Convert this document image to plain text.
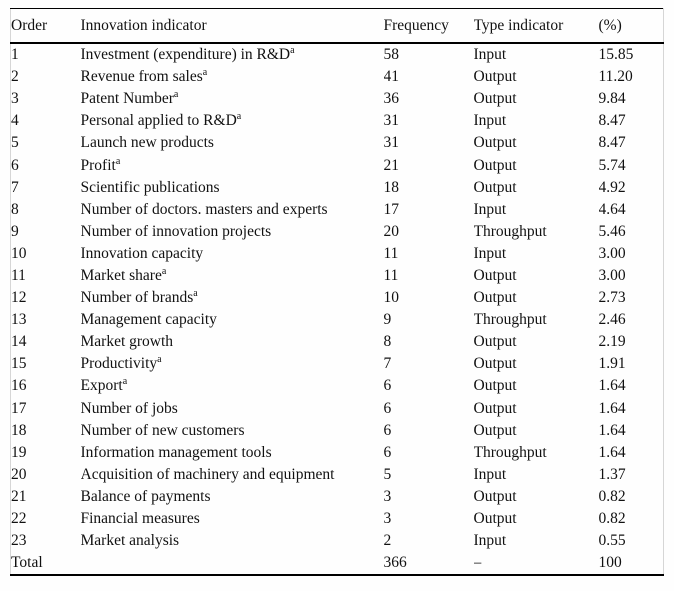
Order	Innovation indicator	Frequency	Type indicator	(%)
1	Investment (expenditure) in R&D$^a$	58	Input	15.85
2	Revenue from sales$^a$	41	Output	11.20
3	Patent Number$^a$	36	Output	9.84
4	Personal applied to R&D$^a$	31	Input	8.47
5	Launch new products	31	Output	8.47
6	Profit$^a$	21	Output	5.74
7	Scientific publications	18	Output	4.92
8	Number of doctors. masters and experts	17	Input	4.64
9	Number of innovation projects	20	Throughput	5.46
10	Innovation capacity	11	Input	3.00
11	Market share$^a$	11	Output	3.00
12	Number of brands$^a$	10	Output	2.73
13	Management capacity	9	Throughput	2.46
14	Market growth	8	Output	2.19
15	Productivity$^a$	7	Output	1.91
16	Export$^a$	6	Output	1.64
17	Number of jobs	6	Output	1.64
18	Number of new customers	6	Output	1.64
19	Information management tools	6	Throughput	1.64
20	Acquisition of machinery and equipment	5	Input	1.37
21	Balance of payments	3	Output	0.82
22	Financial measures	3	Output	0.82
23	Market analysis	2	Input	0.55
Total		366	–	100
